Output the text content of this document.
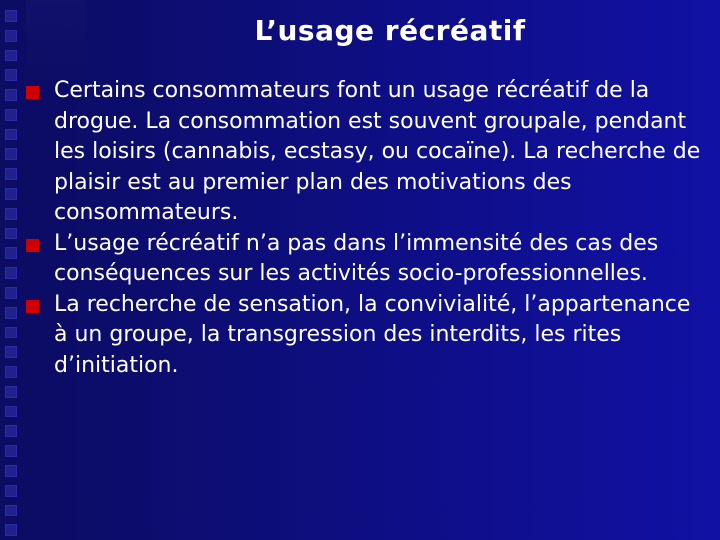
L’usage récréatif
Certains consommateurs font un usage récréatif de la drogue. La consommation est souvent groupale, pendant les loisirs (cannabis, ecstasy, ou cocaïne). La recherche de plaisir est au premier plan des motivations des consommateurs.
L’usage récréatif n’a pas dans l’immensité des cas des conséquences sur les activités socio-professionnelles.
La recherche de sensation, la convivialité, l’appartenance à un groupe, la transgression des interdits, les rites d’initiation.
